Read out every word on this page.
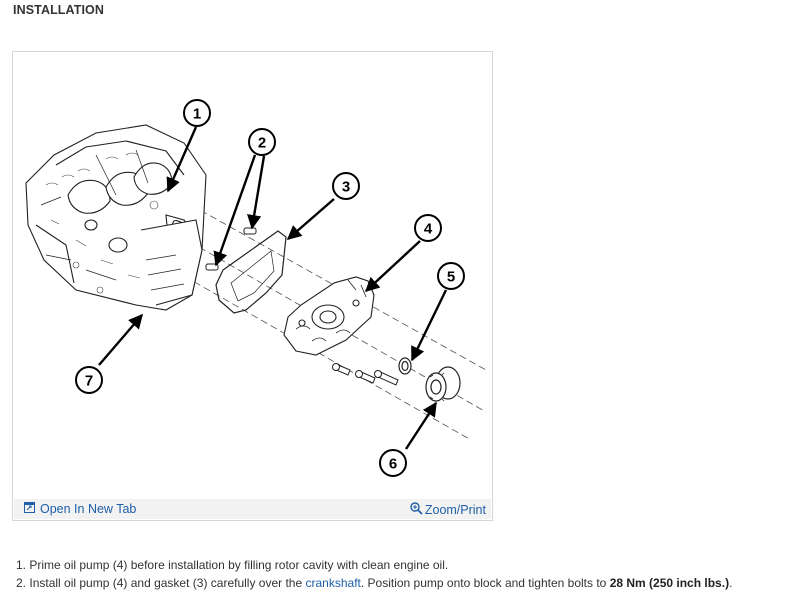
INSTALLATION
1
2
3
4
5
6
7
Open In New Tab	Zoom/Print
1. Prime oil pump (4) before installation by filling rotor cavity with clean engine oil.
2. Install oil pump (4) and gasket (3) carefully over the crankshaft. Position pump onto block and tighten bolts to 28 Nm (250 inch lbs.).
